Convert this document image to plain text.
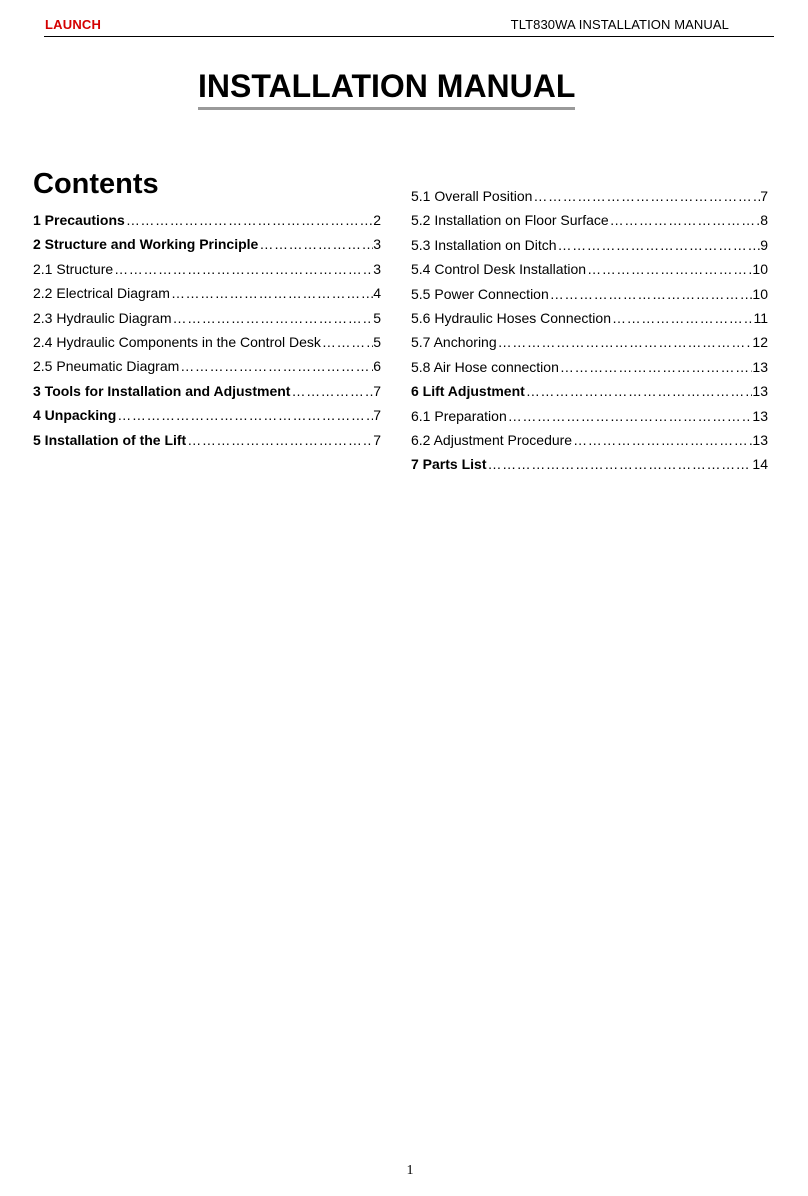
LAUNCH	TLT830WA INSTALLATION MANUAL
INSTALLATION MANUAL
Contents
1 Precautions …………………………………………………………………………………………………………	2
2 Structure and Working Principle …………………………………………………………………………………………………………	3
2.1 Structure …………………………………………………………………………………………………………	3
2.2 Electrical Diagram …………………………………………………………………………………………………………	4
2.3 Hydraulic Diagram …………………………………………………………………………………………………………	5
2.4 Hydraulic Components in the Control Desk …………………………………………………………………………………………………………	5
2.5 Pneumatic Diagram …………………………………………………………………………………………………………	6
3 Tools for Installation and Adjustment …………………………………………………………………………………………………………	7
4 Unpacking …………………………………………………………………………………………………………	7
5 Installation of the Lift …………………………………………………………………………………………………………	7
5.1 Overall Position …………………………………………………………………………………………………………	7
5.2 Installation on Floor Surface …………………………………………………………………………………………………………	8
5.3 Installation on Ditch …………………………………………………………………………………………………………	9
5.4 Control Desk Installation …………………………………………………………………………………………………………	10
5.5 Power Connection …………………………………………………………………………………………………………	10
5.6 Hydraulic Hoses Connection …………………………………………………………………………………………………………	11
5.7 Anchoring …………………………………………………………………………………………………………	12
5.8 Air Hose connection …………………………………………………………………………………………………………	13
6 Lift Adjustment …………………………………………………………………………………………………………	13
6.1 Preparation …………………………………………………………………………………………………………	13
6.2 Adjustment Procedure …………………………………………………………………………………………………………	13
7 Parts List …………………………………………………………………………………………………………	14
1
